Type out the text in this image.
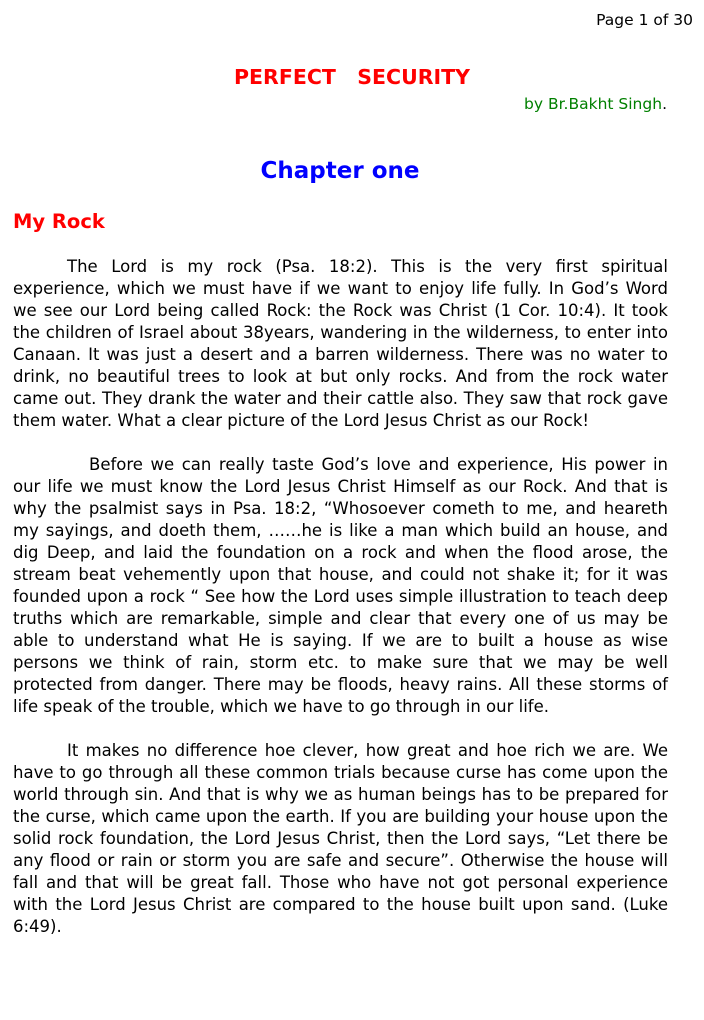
Page 1 of 30
PERFECT   SECURITY
by Br.Bakht Singh.
Chapter one
My Rock

The Lord is my rock (Psa. 18:2). This is the very first spiritual experience, which we must have if we want to enjoy life fully. In God’s Word we see our Lord being called Rock: the Rock was Christ (1 Cor. 10:4). It took the children of Israel about 38years, wandering in the wilderness, to enter into Canaan. It was just a desert and a barren wilderness. There was no water to drink, no beautiful trees to look at but only rocks. And from the rock water came out. They drank the water and their cattle also. They saw that rock gave them water. What a clear picture of the Lord Jesus Christ as our Rock!

Before we can really taste God’s love and experience, His power in our life we must know the Lord Jesus Christ Himself as our Rock. And that is why the psalmist says in Psa. 18:2, “Whosoever cometh to me, and heareth my sayings, and doeth them, ……he is like a man which build an house, and dig Deep, and laid the foundation on a rock and when the flood arose, the stream beat vehemently upon that house, and could not shake it; for it was founded upon a rock “ See how the Lord uses simple illustration to teach deep truths which are remarkable, simple and clear that every one of us may be able to understand what He is saying. If we are to built a house as wise persons we think of rain, storm etc. to make sure that we may be well protected from danger. There may be floods, heavy rains. All these storms of life speak of the trouble, which we have to go through in our life.

It makes no difference hoe clever, how great and hoe rich we are. We have to go through all these common trials because curse has come upon the world through sin. And that is why we as human beings has to be prepared for the curse, which came upon the earth. If you are building your house upon the solid rock foundation, the Lord Jesus Christ, then the Lord says, “Let there be any flood or rain or storm you are safe and secure”. Otherwise the house will fall and that will be great fall. Those who have not got personal experience with the Lord Jesus Christ are compared to the house built upon sand. (Luke 6:49).
